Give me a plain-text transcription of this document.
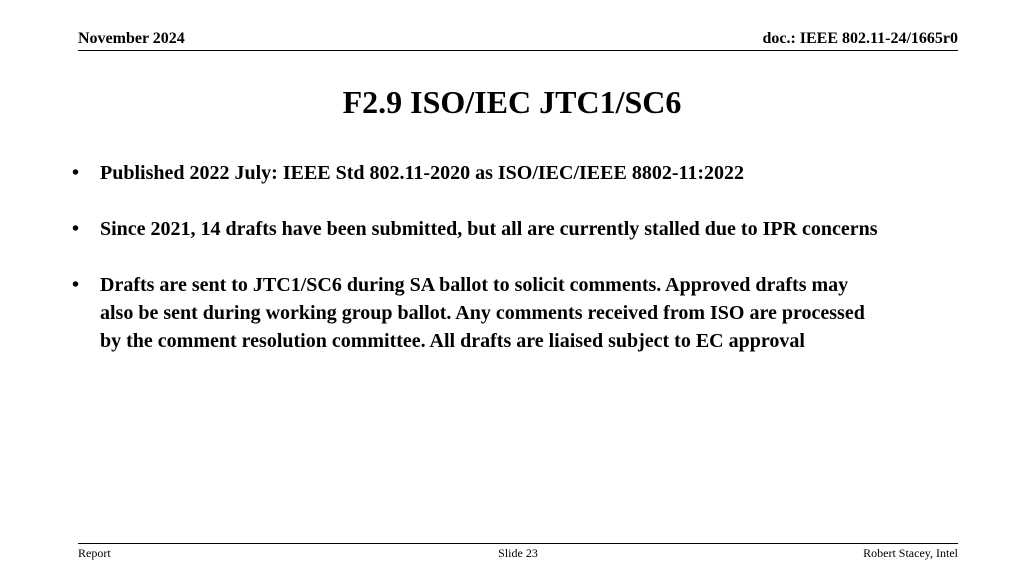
November 2024	doc.: IEEE 802.11-24/1665r0
F2.9 ISO/IEC JTC1/SC6
•	Published 2022 July: IEEE Std 802.11-2020 as ISO/IEC/IEEE 8802-11:2022
•	Since 2021, 14 drafts have been submitted, but all are currently stalled due to IPR concerns
•	Drafts are sent to JTC1/SC6 during SA ballot to solicit comments. Approved drafts may also be sent during working group ballot. Any comments received from ISO are processed by the comment resolution committee. All drafts are liaised subject to EC approval
Report	Slide 23	Robert Stacey, Intel
